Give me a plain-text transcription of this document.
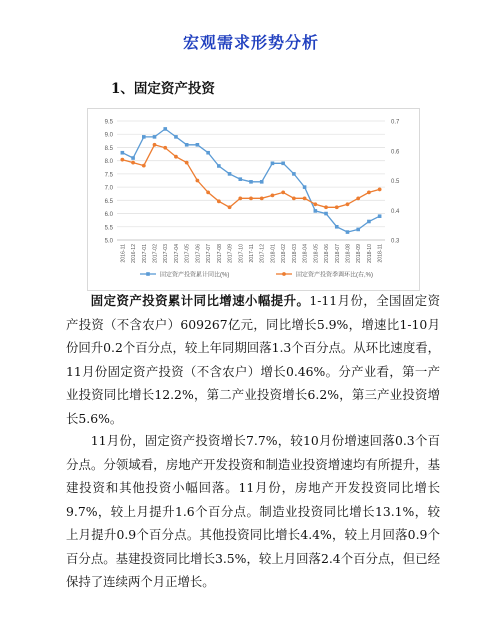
宏观需求形势分析
1、固定资产投资
5.0
5.5
6.0
6.5
7.0
7.5
8.0
8.5
9.0
9.5
0.3
0.4
0.5
0.6
0.7
2016-11 2016-12 2017-01 2017-02 2017-03 2017-04 2017-05 2017-06 2017-07 2017-08 2017-09 2017-10 2017-11 2017-12 2018-01 2018-02 2018-03 2018-04 2018-05 2018-06 2018-07 2018-08 2018-09 2018-10 2018-11
固定资产投资累计同比(%)	固定资产投资季调环比(右,%)

固定资产投资累计同比增速小幅提升。1-11月份，全国固定资产投资（不含农户）609267亿元，同比增长5.9%，增速比1-10月份回升0.2个百分点，较上年同期回落1.3个百分点。从环比速度看，11月份固定资产投资（不含农户）增长0.46%。分产业看，第一产业投资同比增长12.2%，第二产业投资增长6.2%，第三产业投资增长5.6%。

11月份，固定资产投资增长7.7%，较10月份增速回落0.3个百分点。分领域看，房地产开发投资和制造业投资增速均有所提升，基建投资和其他投资小幅回落。11月份，房地产开发投资同比增长9.7%，较上月提升1.6个百分点。制造业投资同比增长13.1%，较上月提升0.9个百分点。其他投资同比增长4.4%，较上月回落0.9个百分点。基建投资同比增长3.5%，较上月回落2.4个百分点，但已经保持了连续两个月正增长。
